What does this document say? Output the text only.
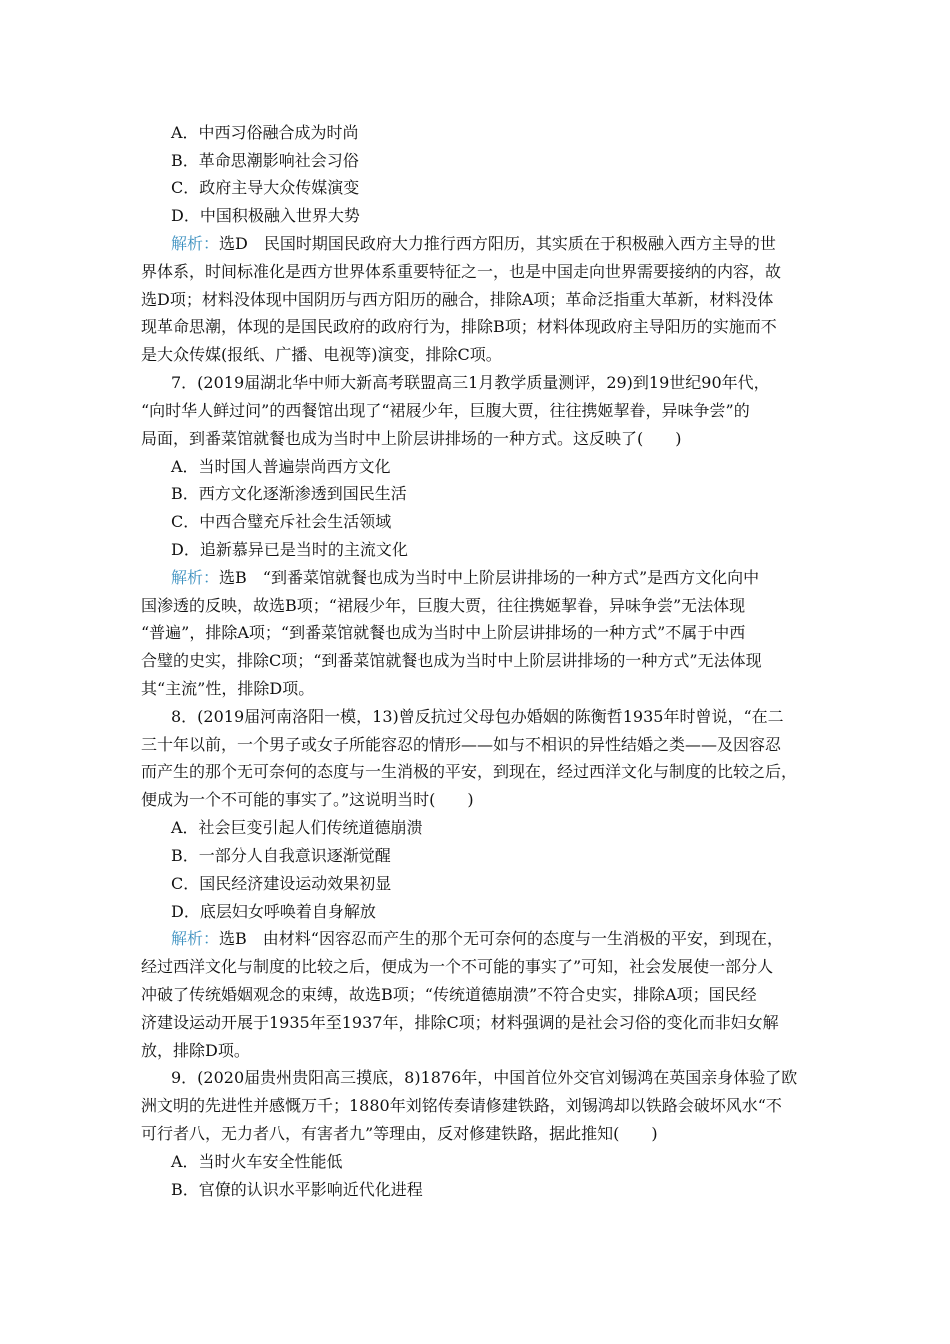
A．中西习俗融合成为时尚
B．革命思潮影响社会习俗
C．政府主导大众传媒演变
D．中国积极融入世界大势
解析：选D　民国时期国民政府大力推行西方阳历，其实质在于积极融入西方主导的世
界体系，时间标准化是西方世界体系重要特征之一，也是中国走向世界需要接纳的内容，故
选D项；材料没体现中国阴历与西方阳历的融合，排除A项；革命泛指重大革新，材料没体
现革命思潮，体现的是国民政府的政府行为，排除B项；材料体现政府主导阳历的实施而不
是大众传媒(报纸、广播、电视等)演变，排除C项。
7．(2019届湖北华中师大新高考联盟高三1月教学质量测评，29)到19世纪90年代，
“向时华人鲜过问”的西餐馆出现了“裙屐少年，巨腹大贾，往往携姬挈眷，异味争尝”的
局面，到番菜馆就餐也成为当时中上阶层讲排场的一种方式。这反映了(　　)
A．当时国人普遍崇尚西方文化
B．西方文化逐渐渗透到国民生活
C．中西合璧充斥社会生活领域
D．追新慕异已是当时的主流文化
解析：选B　“到番菜馆就餐也成为当时中上阶层讲排场的一种方式”是西方文化向中
国渗透的反映，故选B项；“裙屐少年，巨腹大贾，往往携姬挈眷，异味争尝”无法体现
“普遍”，排除A项；“到番菜馆就餐也成为当时中上阶层讲排场的一种方式”不属于中西
合璧的史实，排除C项；“到番菜馆就餐也成为当时中上阶层讲排场的一种方式”无法体现
其“主流”性，排除D项。
8．(2019届河南洛阳一模，13)曾反抗过父母包办婚姻的陈衡哲1935年时曾说，“在二
三十年以前，一个男子或女子所能容忍的情形——如与不相识的异性结婚之类——及因容忍
而产生的那个无可奈何的态度与一生消极的平安，到现在，经过西洋文化与制度的比较之后，
便成为一个不可能的事实了。”这说明当时(　　)
A．社会巨变引起人们传统道德崩溃
B．一部分人自我意识逐渐觉醒
C．国民经济建设运动效果初显
D．底层妇女呼唤着自身解放
解析：选B　由材料“因容忍而产生的那个无可奈何的态度与一生消极的平安，到现在，
经过西洋文化与制度的比较之后，便成为一个不可能的事实了”可知，社会发展使一部分人
冲破了传统婚姻观念的束缚，故选B项；“传统道德崩溃”不符合史实，排除A项；国民经
济建设运动开展于1935年至1937年，排除C项；材料强调的是社会习俗的变化而非妇女解
放，排除D项。
9．(2020届贵州贵阳高三摸底，8)1876年，中国首位外交官刘锡鸿在英国亲身体验了欧
洲文明的先进性并感慨万千；1880年刘铭传奏请修建铁路，刘锡鸿却以铁路会破坏风水“不
可行者八，无力者八，有害者九”等理由，反对修建铁路，据此推知(　　)
A．当时火车安全性能低
B．官僚的认识水平影响近代化进程
